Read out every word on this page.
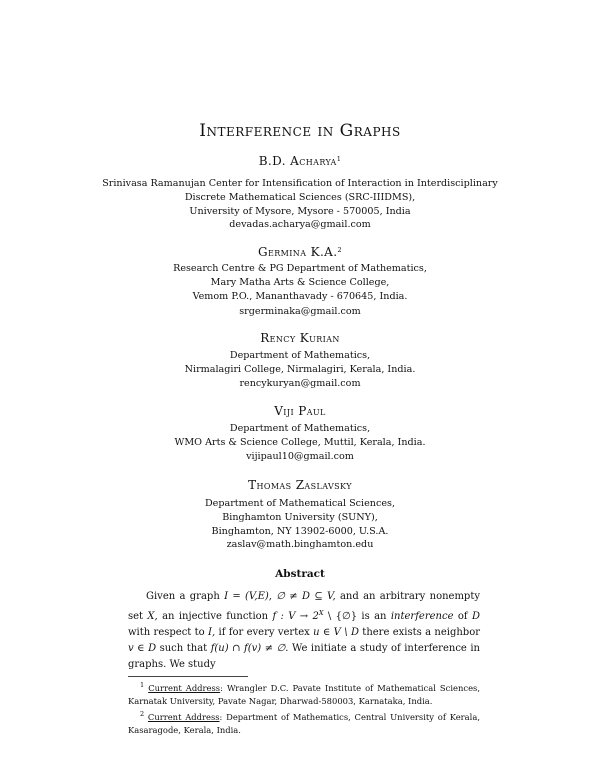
Interference in Graphs
B.D. Acharya$^1$
Srinivasa Ramanujan Center for Intensification of Interaction in Interdisciplinary
Discrete Mathematical Sciences (SRC-IIIDMS),
University of Mysore, Mysore - 570005, India
devadas.acharya@gmail.com
Germina K.A.$^2$
Research Centre & PG Department of Mathematics,
Mary Matha Arts & Science College,
Vemom P.O., Mananthavady - 670645, India.
srgerminaka@gmail.com
Rency Kurian
Department of Mathematics,
Nirmalagiri College, Nirmalagiri, Kerala, India.
rencykuryan@gmail.com
Viji Paul
Department of Mathematics,
WMO Arts & Science College, Muttil, Kerala, India.
vijipaul10@gmail.com
Thomas Zaslavsky
Department of Mathematical Sciences,
Binghamton University (SUNY),
Binghamton, NY 13902-6000, U.S.A.
zaslav@math.binghamton.edu
Abstract

Given a graph I = (V,E), ∅ ≠ D ⊆ V, and an arbitrary nonempty set X, an injective function f : $V \to 2^X$ \ {∅} is an interference of D with respect to I, if for every vertex u ∈ V \ D there exists a neighbor v ∈ D such that f(u) ∩ f(v) ≠ ∅. We initiate a study of interference in graphs. We study

$^1$ Current Address: Wrangler D.C. Pavate Institute of Mathematical Sciences, Karnatak University, Pavate Nagar, Dharwad-580003, Karnataka, India.

$^2$ Current Address: Department of Mathematics, Central University of Kerala, Kasaragode, Kerala, India.
